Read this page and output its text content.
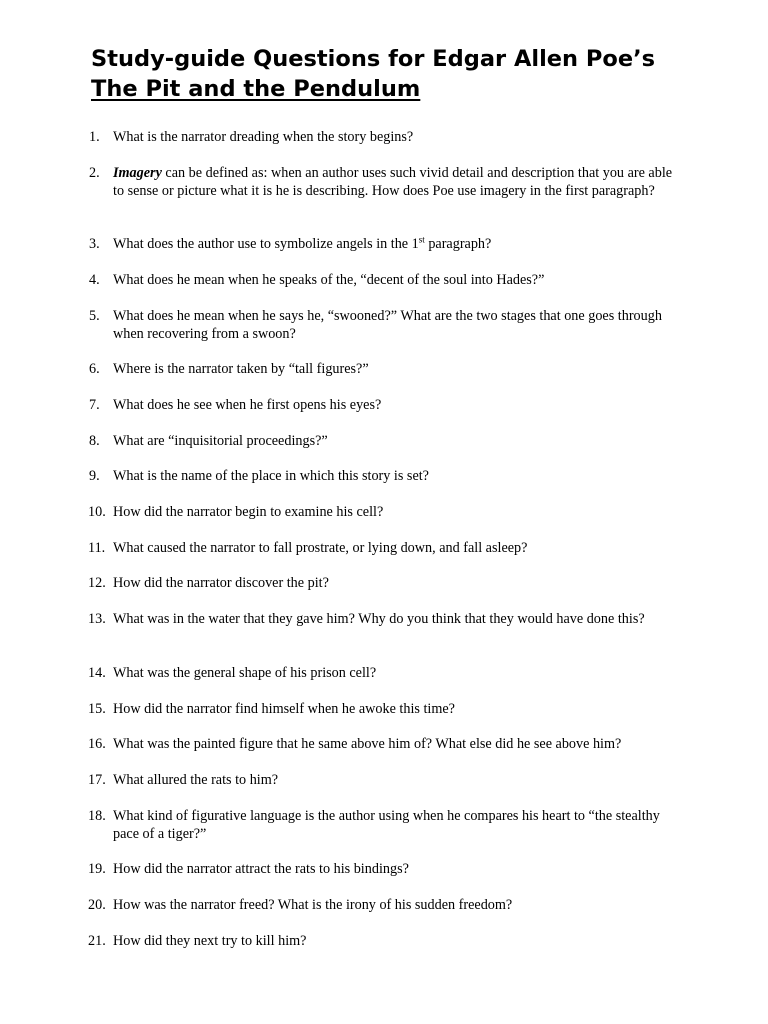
Study-guide Questions for Edgar Allen Poe’s
The Pit and the Pendulum
1. What is the narrator dreading when the story begins?
2. Imagery can be defined as: when an author uses such vivid detail and description that you are able to sense or picture what it is he is describing. How does Poe use imagery in the first paragraph?
3. What does the author use to symbolize angels in the 1st paragraph?
4. What does he mean when he speaks of the, “decent of the soul into Hades?”
5. What does he mean when he says he, “swooned?” What are the two stages that one goes through when recovering from a swoon?
6. Where is the narrator taken by “tall figures?”
7. What does he see when he first opens his eyes?
8. What are “inquisitorial proceedings?”
9. What is the name of the place in which this story is set?
10. How did the narrator begin to examine his cell?
11. What caused the narrator to fall prostrate, or lying down, and fall asleep?
12. How did the narrator discover the pit?
13. What was in the water that they gave him? Why do you think that they would have done this?
14. What was the general shape of his prison cell?
15. How did the narrator find himself when he awoke this time?
16. What was the painted figure that he same above him of? What else did he see above him?
17. What allured the rats to him?
18. What kind of figurative language is the author using when he compares his heart to “the stealthy pace of a tiger?”
19. How did the narrator attract the rats to his bindings?
20. How was the narrator freed? What is the irony of his sudden freedom?
21. How did they next try to kill him?
